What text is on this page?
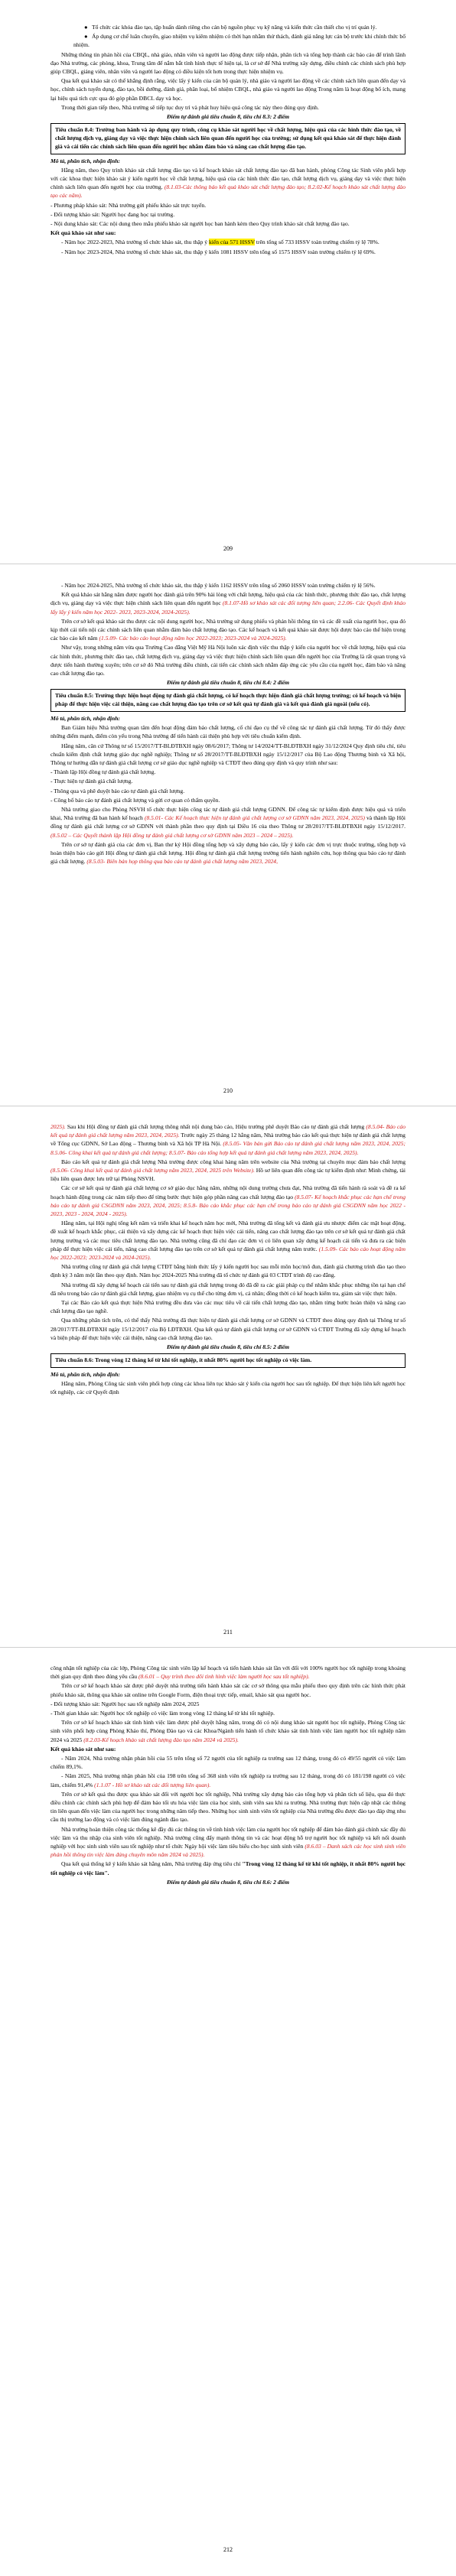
● Tổ chức các khóa đào tạo, tập huấn dành riêng cho cán bộ nguồn phục vụ kỹ năng và kiến thức cần thiết cho vị trí quản lý.

● Áp dụng cơ chế luân chuyển, giao nhiệm vụ kiêm nhiệm có thời hạn nhằm thử thách, đánh giá năng lực cán bộ trước khi chính thức bổ nhiệm.

Những thông tin phản hồi của CBQL, nhà giáo, nhân viên và người lao động được tiếp nhận, phân tích và tổng hợp thành các báo cáo để trình lãnh đạo Nhà trường, các phòng, khoa, Trung tâm để nắm bắt tình hình thực tế hiện tại, là cơ sở để Nhà trường xây dựng, điều chỉnh các chính sách phù hợp giúp CBQL, giảng viên, nhân viên và người lao động có điều kiện tốt hơn trong thực hiện nhiệm vụ.

Qua kết quả khảo sát có thể khẳng định rằng, việc lấy ý kiến của cán bộ quản lý, nhà giáo và người lao động về các chính sách liên quan đến dạy và học, chính sách tuyển dụng, đào tạo, bồi dưỡng, đánh giá, phân loại, bổ nhiệm CBQL, nhà giáo và người lao động Trong năm là hoạt động bổ ích, mang lại hiệu quả tích cực qua đó góp phần ĐBCL dạy và học.

Trong thời gian tiếp theo, Nhà trường sẽ tiếp tục duy trì và phát huy hiệu quả công tác này theo đúng quy định.

Điểm tự đánh giá tiêu chuẩn 8, tiêu chí 8.3: 2 điểm

Tiêu chuẩn 8.4: Trường ban hành và áp dụng quy trình, công cụ khảo sát người học về chất lượng, hiệu quả của các hình thức đào tạo, về chất lượng dịch vụ, giảng dạy và việc thực hiện chính sách liên quan đến người học của trường; sử dụng kết quả khảo sát để thực hiện đánh giá và cải tiến các chính sách liên quan đến người học nhằm đảm bảo và nâng cao chất lượng đào tạo.

Mô tả, phân tích, nhận định:

Hằng năm, theo Quy trình khảo sát chất lượng đào tạo và kế hoạch khảo sát chất lượng đào tạo đã ban hành, phòng Công tác Sinh viên phối hợp với các khoa thực hiện khảo sát ý kiến người học về chất lượng, hiệu quả của các hình thức đào tạo, chất lượng dịch vụ, giảng dạy và việc thực hiện chính sách liên quan đến người học của trường. (8.1.03-Các thông báo kết quả khảo sát chất lượng đào tạo; 8.2.02-Kế hoạch khảo sát chất lượng đào tạo các năm).

- Phương pháp khảo sát: Nhà trường gửi phiếu khảo sát trực tuyến.

- Đối tượng khảo sát: Người học đang học tại trường.

- Nội dung khảo sát: Các nội dung theo mẫu phiếu khảo sát người học ban hành kèm theo Quy trình khảo sát chất lượng đào tạo.

Kết quả khảo sát như sau:

- Năm học 2022-2023, Nhà trường tổ chức khảo sát, thu thập ý kiến của 571 HSSV trên tổng số 733 HSSV toàn trường chiếm tỷ lệ 78%.

- Năm học 2023-2024, Nhà trường tổ chức khảo sát, thu thập ý kiến 1081 HSSV trên tổng số 1575 HSSV toàn trường chiếm tỷ lệ 69%.

209

- Năm học 2024-2025, Nhà trường tổ chức khảo sát, thu thập ý kiến 1162 HSSV trên tổng số 2060 HSSV toàn trường chiếm tỷ lệ 56%.

Kết quả khảo sát hằng năm được người học đánh giá trên 90% hài lòng với chất lượng, hiệu quả của các hình thức, phương thức đào tạo, chất lượng dịch vụ, giảng dạy và việc thực hiện chính sách liên quan đến người học (8.1.07-Hồ sơ khảo sát các đối tượng liên quan; 2.2.06- Các Quyết định khảo lấy lấy ý kiến năm học 2022- 2023, 2023-2024, 2024-2025).

Trên cơ sở kết quả khảo sát thu được các nội dung người học, Nhà trường sử dụng phiếu và phản hồi thông tin và các đề xuất của người học, qua đó kịp thời cải tiến nội các chính sách liên quan nhằm đảm bảo chất lượng đào tạo. Các kế hoạch và kết quả khảo sát được hội được báo cáo thể hiện trong các báo cáo kết năm (1.5.09- Các báo cáo hoạt động năm học 2022-2023; 2023-2024 và 2024-2025).

Như vậy, trong những năm vừa qua Trường Cao đẳng Việt Mỹ Hà Nội luôn xác định việc thu thập ý kiến của người học về chất lượng, hiệu quả của các hình thức, phương thức đào tạo, chất lượng dịch vụ, giảng dạy và việc thực hiện chính sách liên quan đến người học của Trường là rất quan trọng và được tiến hành thường xuyên; trên cơ sở đó Nhà trường điều chỉnh, cải tiến các chính sách nhằm đáp ứng các yêu cầu của người học, đảm bảo và nâng cao chất lượng đào tạo.

Điểm tự đánh giá tiêu chuẩn 8, tiêu chí 8.4: 2 điểm

Tiêu chuẩn 8.5: Trường thực hiện hoạt động tự đánh giá chất lượng, có kế hoạch thực hiện đánh giá chất lượng trường; có kế hoạch và biện pháp để thực hiện việc cải thiện, nâng cao chất lượng đào tạo trên cơ sở kết quả tự đánh giá và kết quả đánh giá ngoài (nếu có).

Mô tả, phân tích, nhận định:

Ban Giám hiệu Nhà trường quan tâm đến hoạt động đảm bảo chất lượng, cố chỉ đạo cụ thể về công tác tự đánh giá chất lượng. Từ đó thấy được những điểm mạnh, điểm còn yếu trong Nhà trường để tiến hành cải thiện phù hợp với tiêu chuẩn kiểm định.

Hằng năm, căn cứ Thông tư số 15/2017/TT-BLĐTBXH ngày 08/6/2017; Thông tư 14/2024/TT-BLĐTBXH ngày 31/12/2024 Quy định tiêu chí, tiêu chuẩn kiểm định chất lượng giáo dục nghề nghiệp; Thông tư số 28/2017/TT-BLĐTBXH ngày 15/12/2017 của Bộ Lao động Thương binh và Xã hội, Thông tư hướng dẫn tự đánh giá chất lượng cơ sở giáo dục nghề nghiệp và CTĐT theo đúng quy định và quy trình như sau:

- Thành lập Hội đồng tự đánh giá chất lượng.

- Thực hiện tự đánh giá chất lượng.

- Thông qua và phê duyệt báo cáo tự đánh giá chất lượng.

- Công bố báo cáo tự đánh giá chất lượng và gửi cơ quan có thẩm quyền.

Nhà trường giao cho Phòng NSVH tổ chức thực hiện công tác tự đánh giá chất lượng GDNN. Để công tác tự kiểm định được hiệu quả và triển khai, Nhà trường đã ban hành kế hoạch (8.5.01- Các Kế hoạch thực hiện tự đánh giá chất lượng cơ sở GDNN năm 2023, 2024, 2025) và thành lập Hội đồng tự đánh giá chất lượng cơ sở GDNN với thành phần theo quy định tại Điều 16 của theo Thông tư 28/2017/TT-BLĐTBXH ngày 15/12/2017. (8.5.02 – Các Quyết thành lập Hội đồng tự đánh giá chất lượng cơ sở GDNN năm 2023 – 2024 – 2025).

Trên cơ sở tự đánh giá của các đơn vị, Ban thư ký Hội đồng tổng hợp và xây dựng báo cáo, lấy ý kiến các đơn vị trực thuộc trường, tổng hợp và hoàn thiện báo cáo gửi Hội đồng tự đánh giá chất lượng. Hội đồng tự đánh giá chất lượng trường tiến hành nghiên cứu, họp thông qua báo cáo tự đánh giá chất lượng. (8.5.03- Biên bản họp thông qua báo cáo tự đánh giá chất lượng năm 2023, 2024,

210

2025). Sau khi Hội đồng tự đánh giá chất lượng thông nhất nội dung báo cáo, Hiệu trưởng phê duyệt Báo cáo tự đánh giá chất lượng (8.5.04- Báo cáo kết quả tự đánh giá chất lượng năm 2023, 2024, 2025). Trước ngày 25 tháng 12 hằng năm, Nhà trường báo cáo kết quả thực hiện tự đánh giá chất lượng về Tổng cục GDNN, Sở Lao động – Thương binh và Xã hội TP Hà Nội. (8.5.05- Văn bản gửi Báo cáo tự đánh giá chất lượng năm 2023, 2024, 2025; 8.5.06- Công khai kết quả tự đánh giá chất lượng; 8.5.07- Báo cáo tổng hợp kết quả tự đánh giá chất lượng năm 2023, 2024, 2025).

Báo cáo kết quả tự đánh giá chất lượng Nhà trường được công khai hàng năm trên website của Nhà trường tại chuyên mục đảm bảo chất lượng (8.5.06- Công khai kết quả tự đánh giá chất lượng năm 2023, 2024, 2025 trên Website). Hồ sơ liên quan đến công tác tự kiểm định như: Minh chứng, tài liệu liên quan được lưu trữ tại Phòng NSVH.

Các cơ sở kết quả tự đánh giá chất lượng cơ sở giáo dục hằng năm, những nội dung trường chưa đạt, Nhà trường đã tiến hành rà soát và đề ra kế hoạch hành động trong các năm tiếp theo để từng bước thực hiện góp phần nâng cao chất lượng đào tạo (8.5.07- Kế hoạch khắc phục các hạn chế trong báo cáo tự đánh giá CSGDNN năm 2023, 2024, 2025; 8.5.8- Báo cáo khắc phục các hạn chế trong báo cáo tự đánh giá CSGDNN năm học 2022 - 2023, 2023 - 2024, 2024 - 2025).

Hằng năm, tại Hội nghị tổng kết năm và triển khai kế hoạch năm học mới, Nhà trường đã tổng kết và đánh giá ưu nhược điểm các mặt hoạt động, đề xuất kế hoạch khắc phục, cải thiện và xây dựng các kế hoạch thực hiện việc cải tiến, nâng cao chất lượng đào tạo trên cơ sở kết quả tự đánh giá chất lượng trường và các mục tiêu chất lượng đào tạo. Nhà trường cũng đã chỉ đạo các đơn vị có liên quan xây dựng kế hoạch cải tiến và đưa ra các biện pháp để thực hiện việc cải tiến, nâng cao chất lượng đào tạo trên cơ sở kết quả tự đánh giá chất lượng năm trước. (1.5.09- Các báo cáo hoạt động năm học 2022-2023; 2023-2024 và 2024-2025).

Nhà trường cũng tự đánh giá chất lượng CTĐT bằng hình thức lấy ý kiến người học sau mỗi môn học/mô đun, đánh giá chương trình đào tạo theo định kỳ 3 năm một lần theo quy định. Năm học 2024-2025 Nhà trường đã tổ chức tự đánh giá 03 CTĐT trình độ cao đẳng.

Nhà trường đã xây dựng kế hoạch cải tiến sau tự đánh giá chất lượng trong đó đã đề ra các giải pháp cụ thể nhằm khắc phục những tồn tại hạn chế đã nêu trong báo cáo tự đánh giá chất lượng, giao nhiệm vụ cụ thể cho từng đơn vị, cá nhân; đồng thời có kế hoạch kiểm tra, giám sát việc thực hiện.

Tại các Báo cáo kết quả thực hiện Nhà trường đều đưa vào các mục tiêu về cải tiến chất lượng đào tạo, nhằm từng bước hoàn thiện và nâng cao chất lượng đào tạo nghề.

Qua những phân tích trên, có thể thấy Nhà trường đã thực hiện tự đánh giá chất lượng cơ sở GDNN và CTĐT theo đúng quy định tại Thông tư số 28/2017/TT-BLĐTBXH ngày 15/12/2017 của Bộ LĐTBXH. Qua kết quả tự đánh giá chất lượng cơ sở GDNN và CTĐT Trường đã xây dựng kế hoạch và biện pháp để thực hiện việc cải thiện, nâng cao chất lượng đào tạo.

Điểm tự đánh giá tiêu chuẩn 8, tiêu chí 8.5: 2 điểm

Tiêu chuẩn 8.6: Trong vòng 12 tháng kể từ khi tốt nghiệp, ít nhất 80% người học tốt nghiệp có việc làm.

Mô tả, phân tích, nhận định:

Hằng năm, Phòng Công tác sinh viên phối hợp cùng các khoa liên tục khảo sát ý kiến của người học sau tốt nghiệp. Để thực hiện liên kết người học tốt nghiệp, các cử Quyết định

211

công nhận tốt nghiệp của các lớp, Phòng Công tác sinh viên lập kế hoạch và tiến hành khảo sát lần với đối với 100% người học tốt nghiệp trong khoảng thời gian quy định theo đúng yêu cầu (8.6.01 – Quy trình theo dõi tình hình việc làm người học sau tốt nghiệp).

Trên cơ sở kế hoạch khảo sát được phê duyệt nhà trường tiến hành khảo sát các cơ sở thông qua mẫu phiếu theo quy định trên các hình thức phát phiếu khảo sát, thông qua khảo sát online trên Google Form, điện thoại trực tiếp, email, khảo sát qua người học.

- Đối tượng khảo sát: Người học sau tốt nghiệp năm 2024, 2025

- Thời gian khảo sát: Người học tốt nghiệp có việc làm trong vòng 12 tháng kể từ khi tốt nghiệp.

Trên cơ sở kế hoạch khảo sát tình hình việc làm được phê duyệt hằng năm, trong đó có nội dung khảo sát người học tốt nghiệp, Phòng Công tác sinh viên phối hợp cùng Phòng Khảo thí, Phòng Đào tạo và các Khoa/Ngành tiến hành tổ chức khảo sát tình hình việc làm người học tốt nghiệp năm 2024 và 2025 (8.2.03-Kế hoạch khảo sát chất lượng đào tạo năm 2024 và 2025).

Kết quả khảo sát như sau:

- Năm 2024, Nhà trường nhận phản hồi của 55 trên tổng số 72 người của tốt nghiệp ra trường sau 12 tháng, trong đó có 49/55 người có việc làm chiếm 89,1%.

- Năm 2025, Nhà trường nhận phản hồi của 198 trên tổng số 368 sinh viên tốt nghiệp ra trường sau 12 tháng, trong đó có 181/198 người có việc làm, chiếm 91,4% (1.1.07 - Hồ sơ khảo sát các đối tượng liên quan).

Trên cơ sở kết quả thu được qua khảo sát đối với người học tốt nghiệp, Nhà trường xây dựng báo cáo tổng hợp và phân tích số liệu, qua đó thực điều chỉnh các chính sách phù hợp để đảm bảo tối ưu hóa việc làm của học sinh, sinh viên sau khi ra trường. Nhà trường thực hiện cập nhật các thông tin liên quan đến việc làm của người học trong những năm tiếp theo. Những học sinh sinh viên tốt nghiệp của Nhà trường đều được đào tạo đáp ứng nhu cầu thị trường lao động và có việc làm đúng ngành đào tạo.

Nhà trường hoàn thiện công tác thống kê đầy đủ các thông tin về tình hình việc làm của người học tốt nghiệp để đảm bảo đánh giá chính xác đầy đủ việc làm và thu nhập của sinh viên tốt nghiệp. Nhà trường cũng đẩy mạnh thông tin và các hoạt động hỗ trợ người học tốt nghiệp và kết nối doanh nghiệp với học sinh sinh viên sau tốt nghiệp như tổ chức Ngày hội việc làm tiêu biểu cho học sinh sinh viên (8.6.03 – Danh sách các học sinh sinh viên phản hồi thông tin việc làm đúng chuyên môn năm 2024 và 2025).

Qua kết quả thống kê ý kiến khảo sát hằng năm, Nhà trường đáp ứng tiêu chí "Trong vòng 12 tháng kể từ khi tốt nghiệp, ít nhất 80% người học tốt nghiệp có việc làm".

Điểm tự đánh giá tiêu chuẩn 8, tiêu chí 8.6: 2 điểm

212
